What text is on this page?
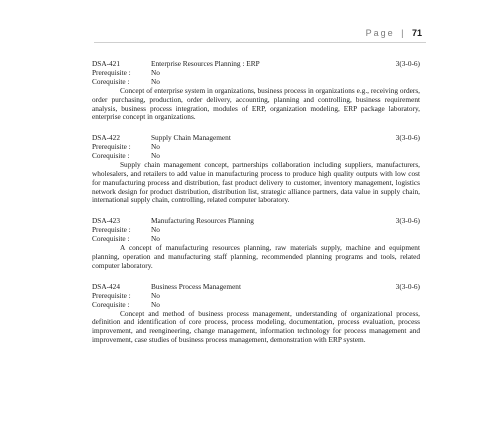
Page | 71
DSA-421	Enterprise Resources Planning : ERP	3(3-0-6)
Prerequisite :	No
Corequisite :	No

Concept of enterprise system in organizations, business process in organizations e.g., receiving orders, order purchasing, production, order delivery, accounting, planning and controlling, business requirement analysis, business process integration, modules of ERP, organization modeling, ERP package laboratory, enterprise concept in organizations.

DSA-422	Supply Chain Management	3(3-0-6)
Prerequisite :	No
Corequisite :	No

Supply chain management concept, partnerships collaboration including suppliers, manufacturers, wholesalers, and retailers to add value in manufacturing process to produce high quality outputs with low cost for manufacturing process and distribution, fast product delivery to customer, inventory management, logistics network design for product distribution, distribution list, strategic alliance partners, data value in supply chain, international supply chain, controlling, related computer laboratory.

DSA-423	Manufacturing Resources Planning	3(3-0-6)
Prerequisite :	No
Corequisite :	No

A concept of manufacturing resources planning, raw materials supply, machine and equipment planning, operation and manufacturing staff planning, recommended planning programs and tools, related computer laboratory.

DSA-424	Business Process Management	3(3-0-6)
Prerequisite :	No
Corequisite :	No

Concept and method of business process management, understanding of organizational process, definition and identification of core process, process modeling, documentation, process evaluation, process improvement, and reengineering, change management, information technology for process management and improvement, case studies of business process management, demonstration with ERP system.
